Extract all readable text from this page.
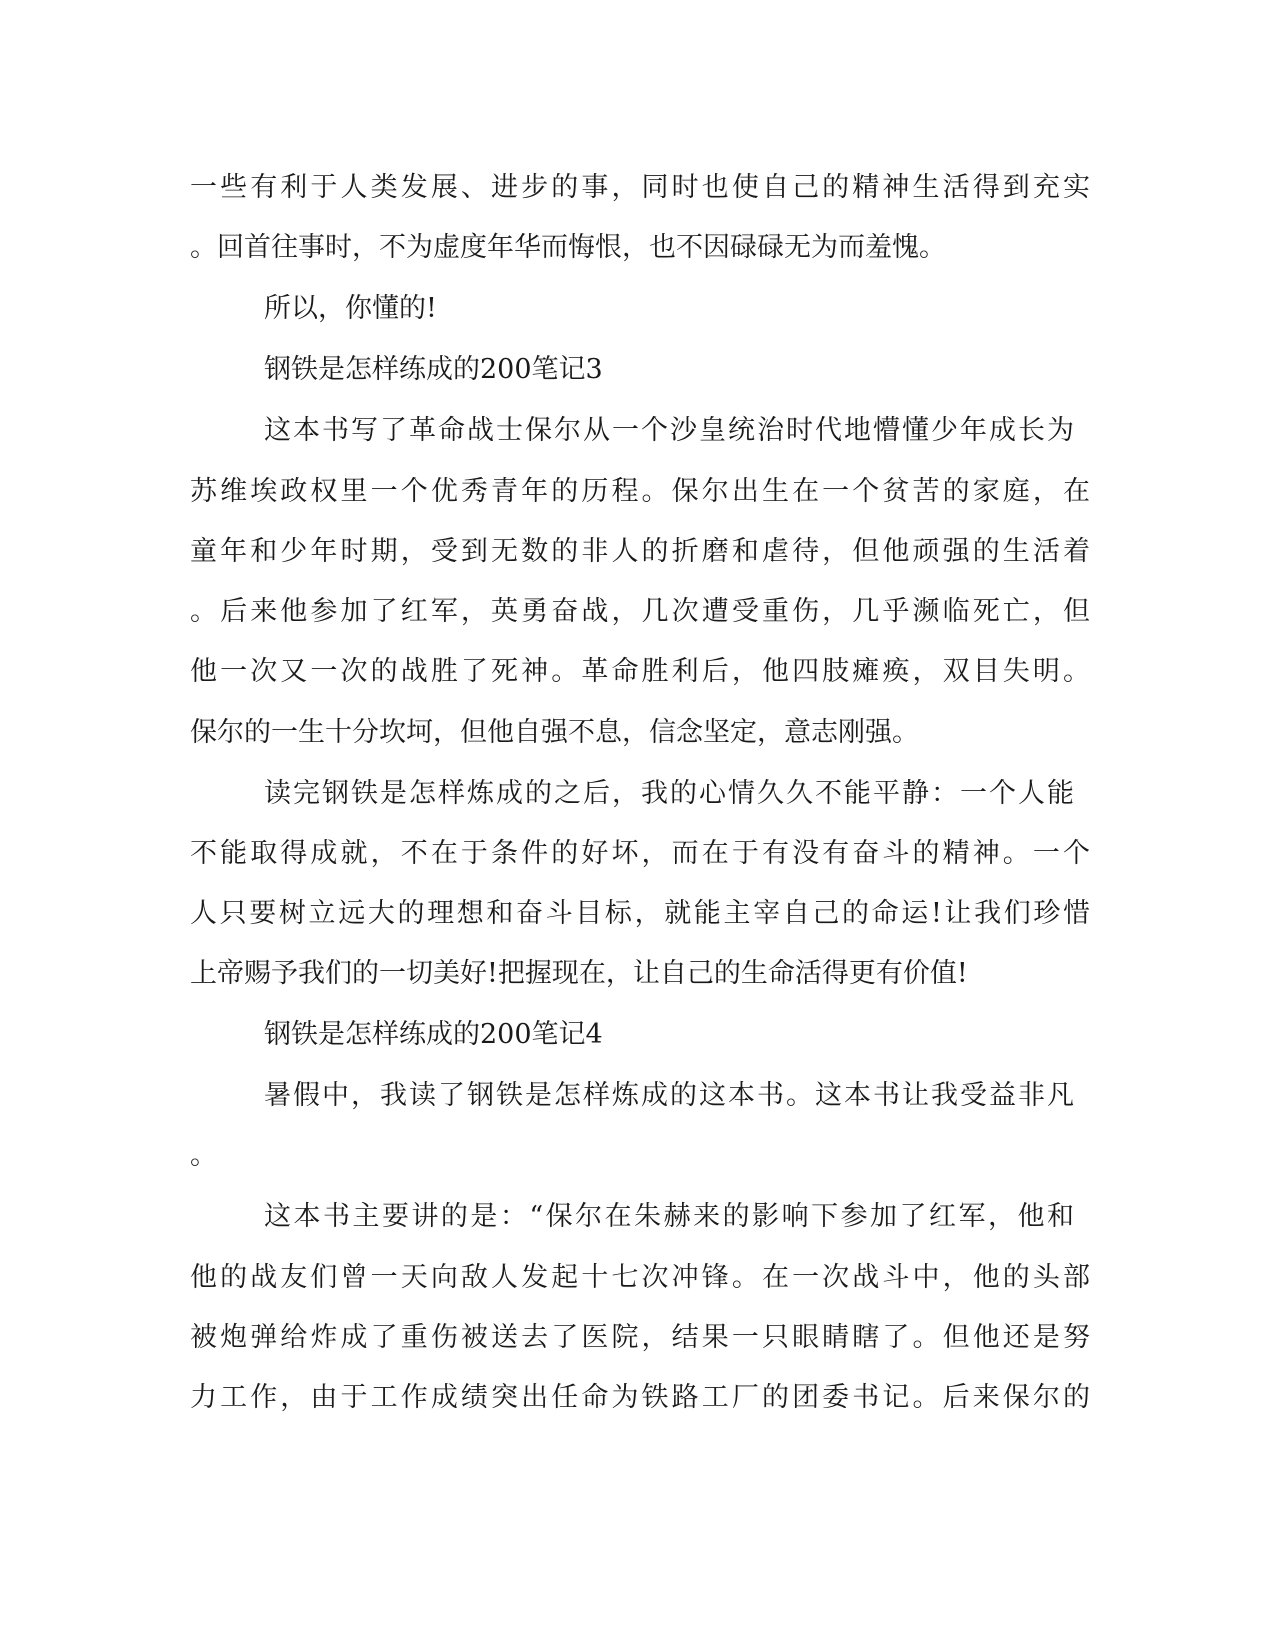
一些有利于人类发展、进步的事，同时也使自己的精神生活得到充实

。回首往事时，不为虚度年华而悔恨，也不因碌碌无为而羞愧。

所以，你懂的!

钢铁是怎样练成的200笔记3

这本书写了革命战士保尔从一个沙皇统治时代地懵懂少年成长为

苏维埃政权里一个优秀青年的历程。保尔出生在一个贫苦的家庭，在

童年和少年时期，受到无数的非人的折磨和虐待，但他顽强的生活着

。后来他参加了红军，英勇奋战，几次遭受重伤，几乎濒临死亡，但

他一次又一次的战胜了死神。革命胜利后，他四肢瘫痪，双目失明。

保尔的一生十分坎坷，但他自强不息，信念坚定，意志刚强。

读完钢铁是怎样炼成的之后，我的心情久久不能平静：一个人能

不能取得成就，不在于条件的好坏，而在于有没有奋斗的精神。一个

人只要树立远大的理想和奋斗目标，就能主宰自己的命运!让我们珍惜

上帝赐予我们的一切美好!把握现在，让自己的生命活得更有价值!

钢铁是怎样练成的200笔记4

暑假中，我读了钢铁是怎样炼成的这本书。这本书让我受益非凡

。

这本书主要讲的是：“保尔在朱赫来的影响下参加了红军，他和

他的战友们曾一天向敌人发起十七次冲锋。在一次战斗中，他的头部

被炮弹给炸成了重伤被送去了医院，结果一只眼睛瞎了。但他还是努

力工作，由于工作成绩突出任命为铁路工厂的团委书记。后来保尔的
